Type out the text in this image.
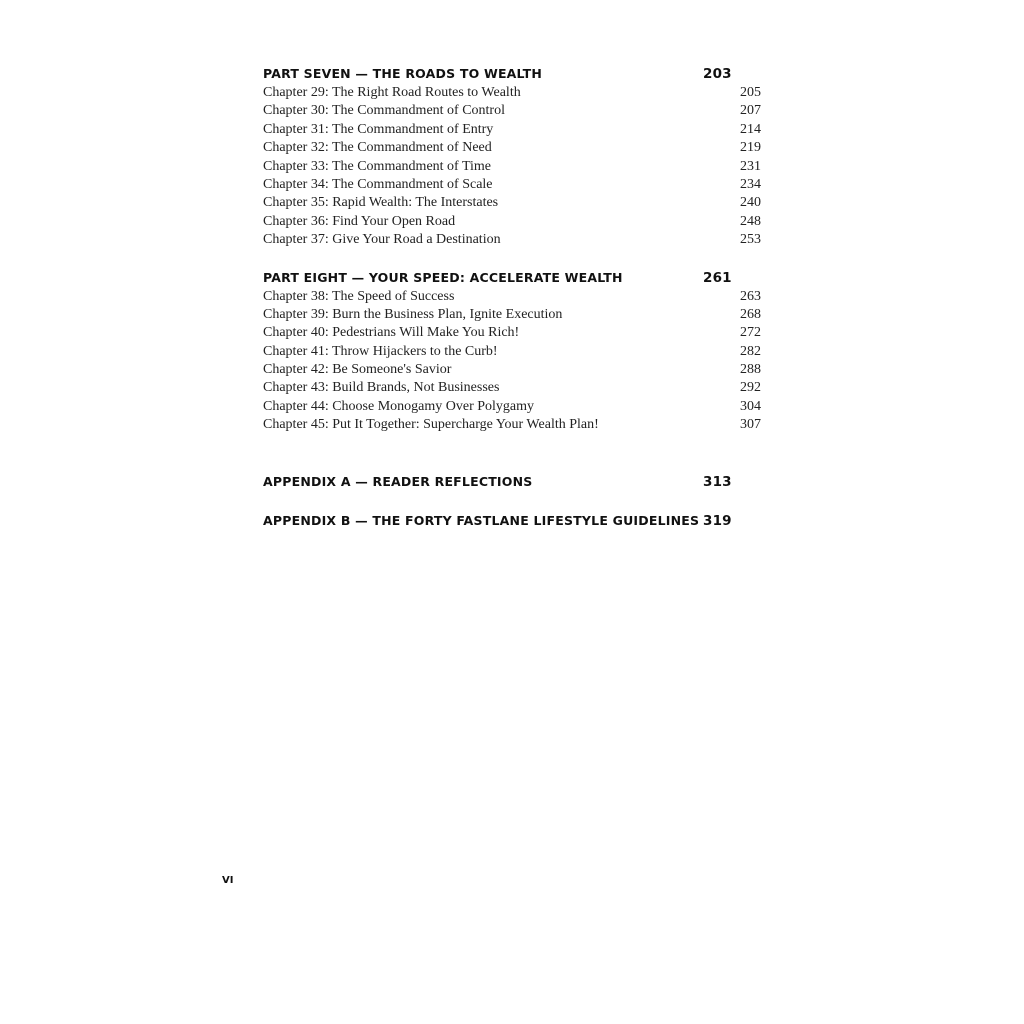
PART SEVEN — THE ROADS TO WEALTH	203
Chapter 29: The Right Road Routes to Wealth	205
Chapter 30: The Commandment of Control	207
Chapter 31: The Commandment of Entry	214
Chapter 32: The Commandment of Need	219
Chapter 33: The Commandment of Time	231
Chapter 34: The Commandment of Scale	234
Chapter 35: Rapid Wealth: The Interstates	240
Chapter 36: Find Your Open Road	248
Chapter 37: Give Your Road a Destination	253
PART EIGHT — YOUR SPEED: ACCELERATE WEALTH	261
Chapter 38: The Speed of Success	263
Chapter 39: Burn the Business Plan, Ignite Execution	268
Chapter 40: Pedestrians Will Make You Rich!	272
Chapter 41: Throw Hijackers to the Curb!	282
Chapter 42: Be Someone's Savior	288
Chapter 43: Build Brands, Not Businesses	292
Chapter 44: Choose Monogamy Over Polygamy	304
Chapter 45: Put It Together: Supercharge Your Wealth Plan!	307
APPENDIX A — READER REFLECTIONS	313
APPENDIX B — THE FORTY FASTLANE LIFESTYLE GUIDELINES 319
VI
